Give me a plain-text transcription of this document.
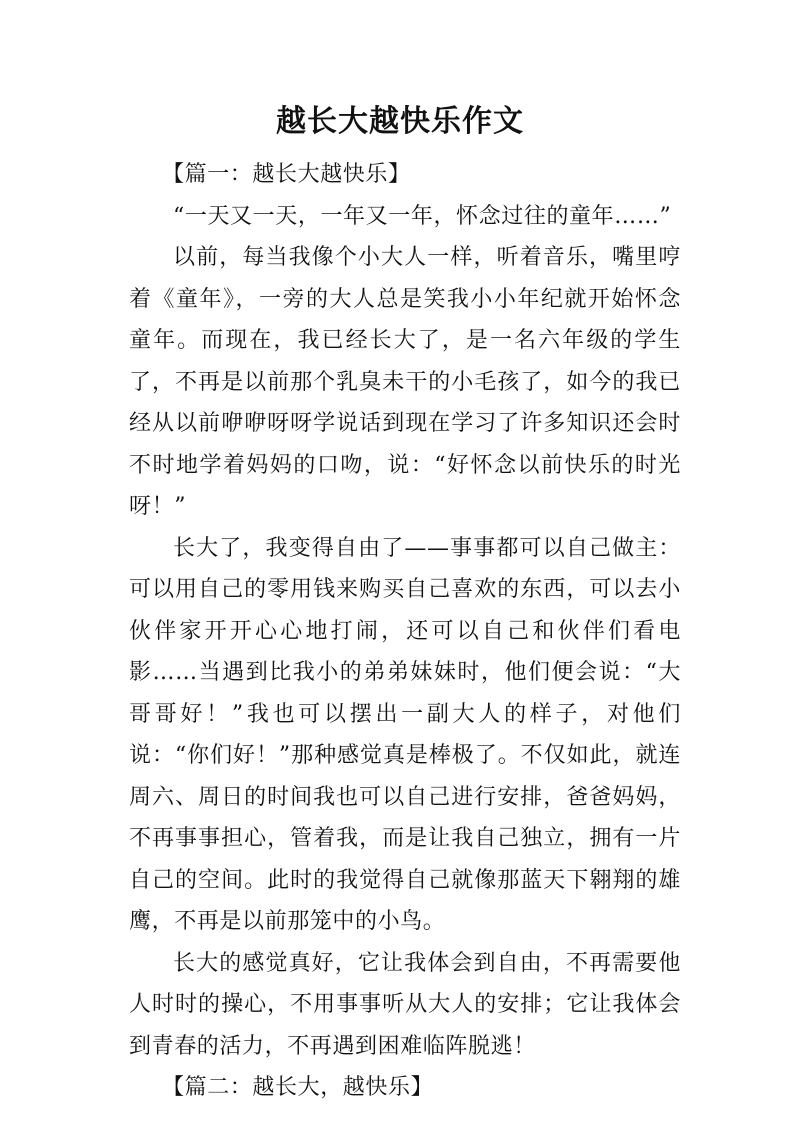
越长大越快乐作文

【篇一：越长大越快乐】

“一天又一天，一年又一年，怀念过往的童年……”

以前，每当我像个小大人一样，听着音乐，嘴里哼着《童年》，一旁的大人总是笑我小小年纪就开始怀念童年。而现在，我已经长大了，是一名六年级的学生了，不再是以前那个乳臭未干的小毛孩了，如今的我已经从以前咿咿呀呀学说话到现在学习了许多知识还会时不时地学着妈妈的口吻，说：“好怀念以前快乐的时光呀！”

长大了，我变得自由了——事事都可以自己做主：可以用自己的零用钱来购买自己喜欢的东西，可以去小伙伴家开开心心地打闹，还可以自己和伙伴们看电影……当遇到比我小的弟弟妹妹时，他们便会说：“大哥哥好！”我也可以摆出一副大人的样子，对他们说：“你们好！”那种感觉真是棒极了。不仅如此，就连周六、周日的时间我也可以自己进行安排，爸爸妈妈，不再事事担心，管着我，而是让我自己独立，拥有一片自己的空间。此时的我觉得自己就像那蓝天下翱翔的雄鹰，不再是以前那笼中的小鸟。

长大的感觉真好，它让我体会到自由，不再需要他人时时的操心，不用事事听从大人的安排；它让我体会到青春的活力，不再遇到困难临阵脱逃！

【篇二：越长大，越快乐】
